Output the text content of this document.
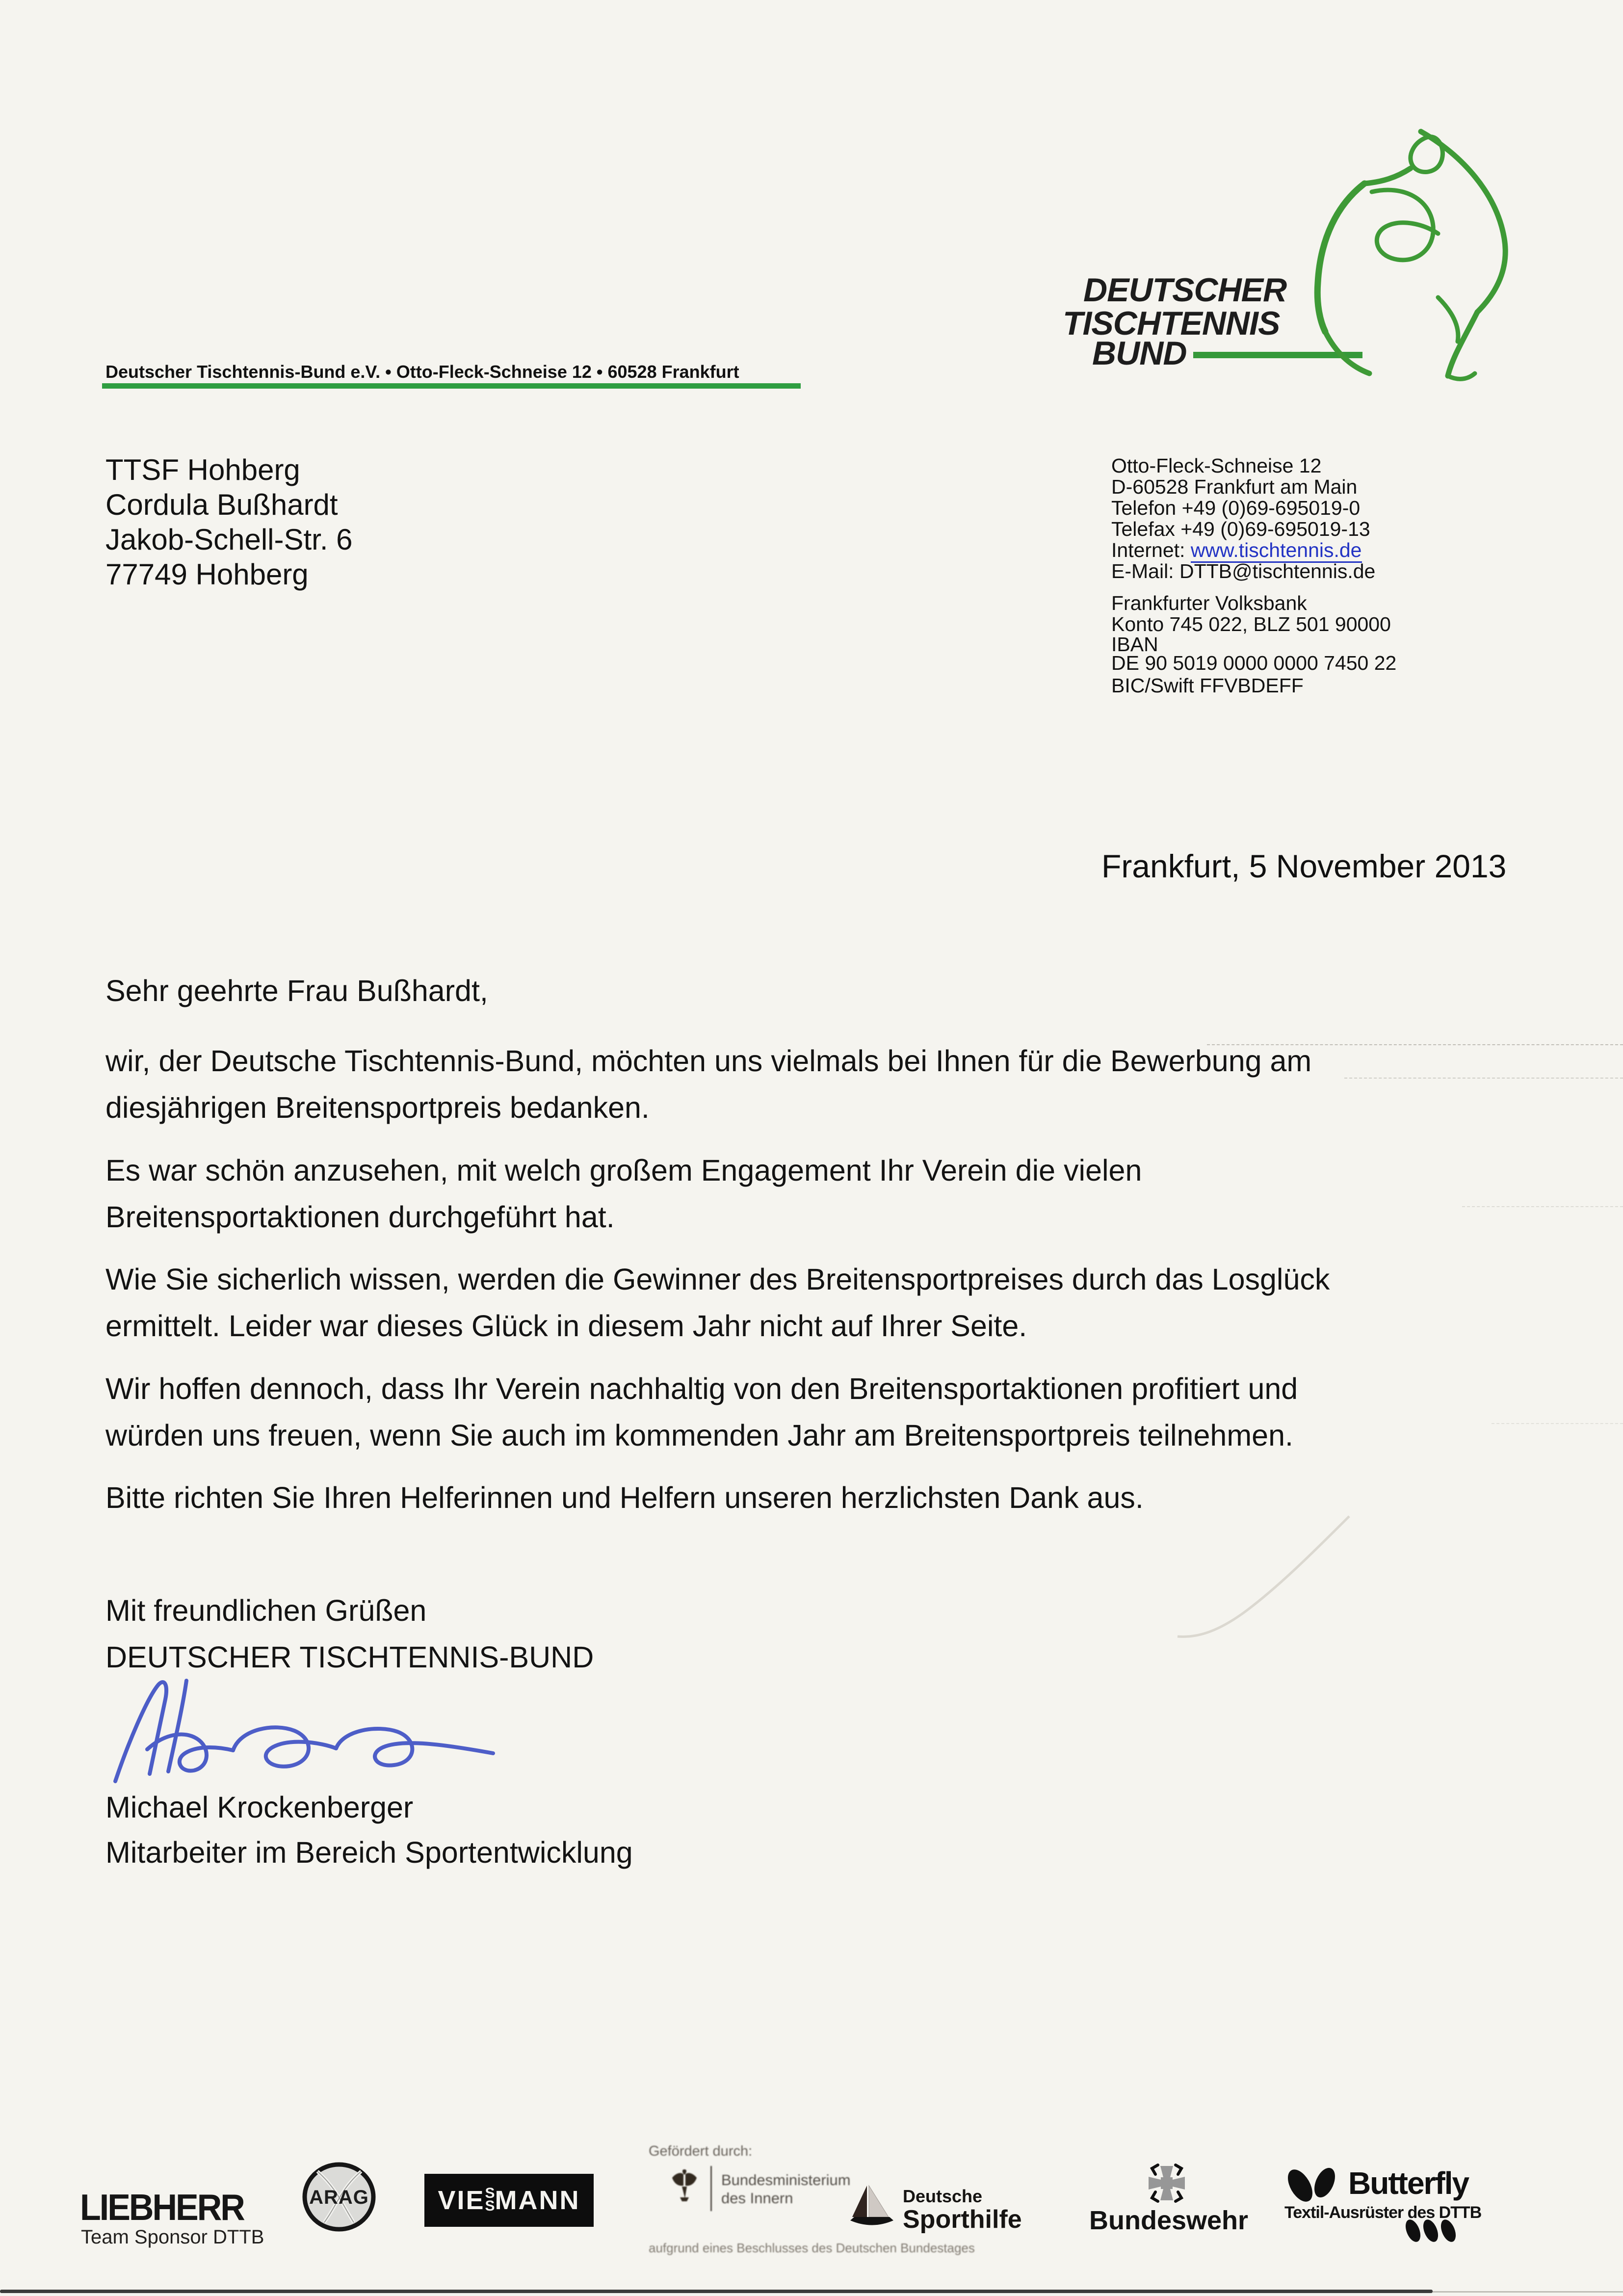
DEUTSCHER
TISCHTENNIS
BUND
Deutscher Tischtennis-Bund e.V. • Otto-Fleck-Schneise 12 • 60528 Frankfurt
TTSF Hohberg
Cordula Bußhardt
Jakob-Schell-Str. 6
77749 Hohberg
Otto-Fleck-Schneise 12
D-60528 Frankfurt am Main
Telefon +49 (0)69-695019-0
Telefax +49 (0)69-695019-13
Internet: www.tischtennis.de
E-Mail: DTTB@tischtennis.de
Frankfurter Volksbank
Konto 745 022, BLZ 501 90000
IBAN
DE 90 5019 0000 0000 7450 22
BIC/Swift FFVBDEFF
Frankfurt, 5 November 2013
Sehr geehrte Frau Bußhardt,
wir, der Deutsche Tischtennis-Bund, möchten uns vielmals bei Ihnen für die Bewerbung am
diesjährigen Breitensportpreis bedanken.
Es war schön anzusehen, mit welch großem Engagement Ihr Verein die vielen
Breitensportaktionen durchgeführt hat.
Wie Sie sicherlich wissen, werden die Gewinner des Breitensportpreises durch das Losglück
ermittelt. Leider war dieses Glück in diesem Jahr nicht auf Ihrer Seite.
Wir hoffen dennoch, dass Ihr Verein nachhaltig von den Breitensportaktionen profitiert und
würden uns freuen, wenn Sie auch im kommenden Jahr am Breitensportpreis teilnehmen.
Bitte richten Sie Ihren Helferinnen und Helfern unseren herzlichsten Dank aus.
Mit freundlichen Grüßen
DEUTSCHER TISCHTENNIS-BUND
Michael Krockenberger
Mitarbeiter im Bereich Sportentwicklung
LIEBHERR
Team Sponsor DTTB
ARAG	VIE S
S MANN
Gefördert durch:
Bundesministerium
des Innern
aufgrund eines Beschlusses des Deutschen Bundestages
Deutsche
Sporthilfe	Bundeswehr
Butterfly
Textil-Ausrüster des DTTB
